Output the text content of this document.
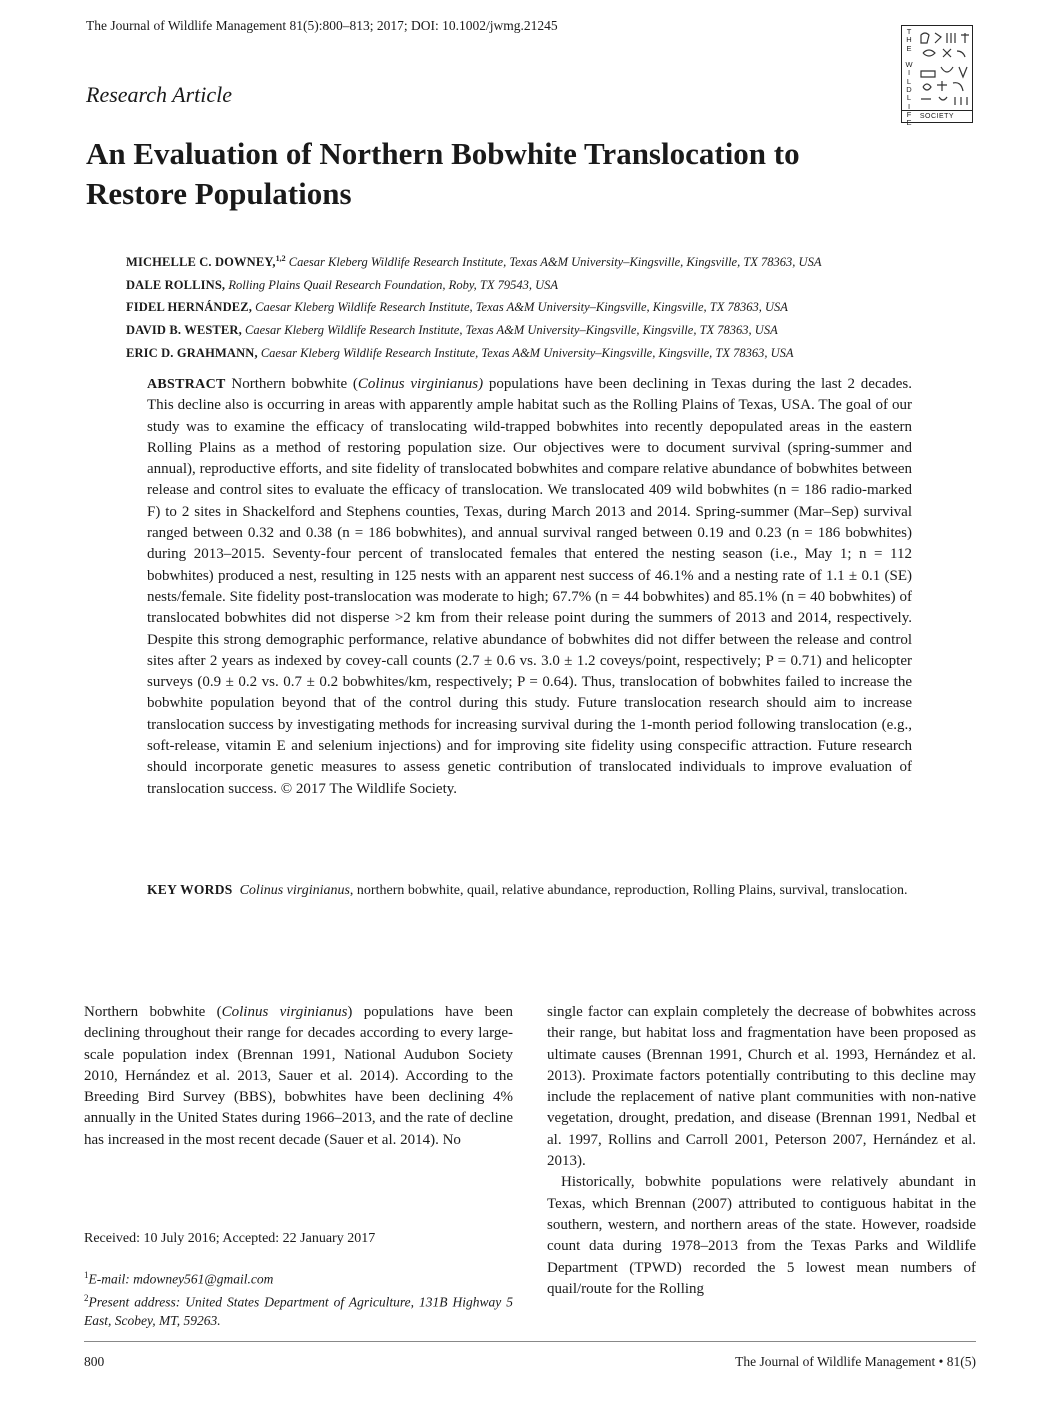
The Journal of Wildlife Management 81(5):800–813; 2017; DOI: 10.1002/jwmg.21245	T
H
E

W
I
L
D
L
I
F
E
SOCIETY
Research Article
An Evaluation of Northern Bobwhite Translocation to Restore Populations
MICHELLE C. DOWNEY,$^{1,2}$ Caesar Kleberg Wildlife Research Institute, Texas A&M University–Kingsville, Kingsville, TX 78363, USA
DALE ROLLINS, Rolling Plains Quail Research Foundation, Roby, TX 79543, USA
FIDEL HERNÁNDEZ, Caesar Kleberg Wildlife Research Institute, Texas A&M University–Kingsville, Kingsville, TX 78363, USA
DAVID B. WESTER, Caesar Kleberg Wildlife Research Institute, Texas A&M University–Kingsville, Kingsville, TX 78363, USA
ERIC D. GRAHMANN, Caesar Kleberg Wildlife Research Institute, Texas A&M University–Kingsville, Kingsville, TX 78363, USA
ABSTRACT Northern bobwhite (Colinus virginianus) populations have been declining in Texas during the last 2 decades. This decline also is occurring in areas with apparently ample habitat such as the Rolling Plains of Texas, USA. The goal of our study was to examine the efficacy of translocating wild-trapped bobwhites into recently depopulated areas in the eastern Rolling Plains as a method of restoring population size. Our objectives were to document survival (spring-summer and annual), reproductive efforts, and site fidelity of translocated bobwhites and compare relative abundance of bobwhites between release and control sites to evaluate the efficacy of translocation. We translocated 409 wild bobwhites (n = 186 radio-marked F) to 2 sites in Shackelford and Stephens counties, Texas, during March 2013 and 2014. Spring-summer (Mar–Sep) survival ranged between 0.32 and 0.38 (n = 186 bobwhites), and annual survival ranged between 0.19 and 0.23 (n = 186 bobwhites) during 2013–2015. Seventy-four percent of translocated females that entered the nesting season (i.e., May 1; n = 112 bobwhites) produced a nest, resulting in 125 nests with an apparent nest success of 46.1% and a nesting rate of 1.1 ± 0.1 (SE) nests/female. Site fidelity post-translocation was moderate to high; 67.7% (n = 44 bobwhites) and 85.1% (n = 40 bobwhites) of translocated bobwhites did not disperse >2 km from their release point during the summers of 2013 and 2014, respectively. Despite this strong demographic performance, relative abundance of bobwhites did not differ between the release and control sites after 2 years as indexed by covey-call counts (2.7 ± 0.6 vs. 3.0 ± 1.2 coveys/point, respectively; P = 0.71) and helicopter surveys (0.9 ± 0.2 vs. 0.7 ± 0.2 bobwhites/km, respectively; P = 0.64). Thus, translocation of bobwhites failed to increase the bobwhite population beyond that of the control during this study. Future translocation research should aim to increase translocation success by investigating methods for increasing survival during the 1-month period following translocation (e.g., soft-release, vitamin E and selenium injections) and for improving site fidelity using conspecific attraction. Future research should incorporate genetic measures to assess genetic contribution of translocated individuals to improve evaluation of translocation success. © 2017 The Wildlife Society.
KEY WORDS Colinus virginianus, northern bobwhite, quail, relative abundance, reproduction, Rolling Plains, survival, translocation.

Northern bobwhite (Colinus virginianus) populations have been declining throughout their range for decades according to every large-scale population index (Brennan 1991, National Audubon Society 2010, Hernández et al. 2013, Sauer et al. 2014). According to the Breeding Bird Survey (BBS), bobwhites have been declining 4% annually in the United States during 1966–2013, and the rate of decline has increased in the most recent decade (Sauer et al. 2014). No

single factor can explain completely the decrease of bobwhites across their range, but habitat loss and fragmentation have been proposed as ultimate causes (Brennan 1991, Church et al. 1993, Hernández et al. 2013). Proximate factors potentially contributing to this decline may include the replacement of native plant communities with non-native vegetation, drought, predation, and disease (Brennan 1991, Nedbal et al. 1997, Rollins and Carroll 2001, Peterson 2007, Hernández et al. 2013).

Historically, bobwhite populations were relatively abundant in Texas, which Brennan (2007) attributed to contiguous habitat in the southern, western, and northern areas of the state. However, roadside count data during 1978–2013 from the Texas Parks and Wildlife Department (TPWD) recorded the 5 lowest mean numbers of quail/route for the Rolling

Received: 10 July 2016; Accepted: 22 January 2017
$^1$E-mail: mdowney561@gmail.com
$^2$Present address: United States Department of Agriculture, 131B Highway 5 East, Scobey, MT, 59263.
800	The Journal of Wildlife Management • 81(5)
